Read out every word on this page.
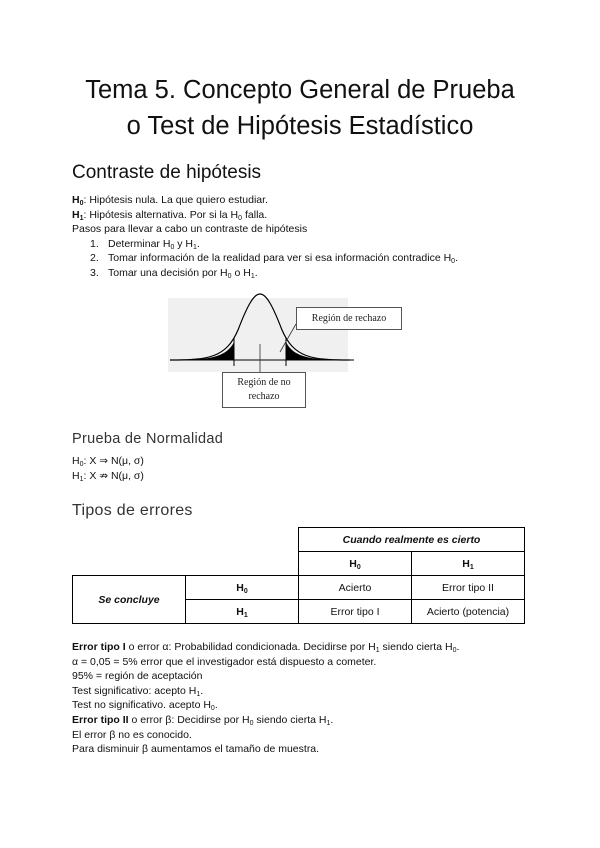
Tema 5. Concepto General de Prueba
o Test de Hipótesis Estadístico
Contraste de hipótesis
$H_0$: Hipótesis nula. La que quiero estudiar.
$H_1$: Hipótesis alternativa. Por si la $H_0$ falla.
Pasos para llevar a cabo un contraste de hipótesis
1. Determinar $H_0$ y $H_1$.
2. Tomar información de la realidad para ver si esa información contradice $H_0$.
3. Tomar una decisión por $H_0$ o $H_1$.
Región de rechazo
Región de no
rechazo
Prueba de Normalidad
$H_0$: X ⇒ N(μ, σ)
$H_1$: X ⇏ N(μ, σ)
Tipos de errores
		Cuando realmente es cierto	
		$H_0$	$H_1$
Se concluye	$H_0$	Acierto	Error tipo II
	$H_1$	Error tipo I	Acierto (potencia)
Error tipo I o error α: Probabilidad condicionada. Decidirse por $H_1$ siendo cierta $H_0$.
α = 0,05 = 5% error que el investigador está dispuesto a cometer.
95% = región de aceptación
Test significativo: acepto $H_1$.
Test no significativo. acepto $H_0$.
Error tipo II o error β: Decidirse por $H_0$ siendo cierta $H_1$.
El error β no es conocido.
Para disminuir β aumentamos el tamaño de muestra.
